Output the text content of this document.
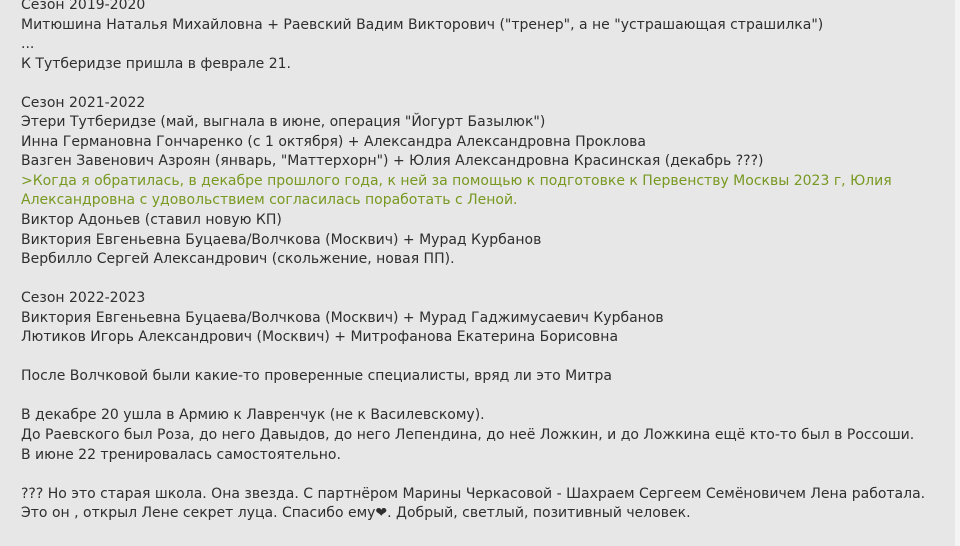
Сезон 2019-2020
Митюшина Наталья Михайловна + Раевский Вадим Викторович ("тренер", а не "устрашающая страшилка")
...
К Тутберидзе пришла в феврале 21.
Сезон 2021-2022
Этери Тутберидзе (май, выгнала в июне, операция "Йогурт Базылюк")
Инна Германовна Гончаренко (с 1 октября) + Александра Александровна Проклова
Вазген Завенович Азроян (январь, "Маттерхорн") + Юлия Александровна Красинская (декабрь ???)
>Когда я обратилась, в декабре прошлого года, к ней за помощью к подготовке к Первенству Москвы 2023 г, Юлия Александровна с удовольствием согласилась поработать с Леной.
Виктор Адоньев (ставил новую КП)
Виктория Евгеньевна Буцаева/Волчкова (Москвич) + Мурад Курбанов
Вербилло Сергей Александрович (скольжение, новая ПП).
Сезон 2022-2023
Виктория Евгеньевна Буцаева/Волчкова (Москвич) + Мурад Гаджимусаевич Курбанов
Лютиков Игорь Александрович (Москвич) + Митрофанова Екатерина Борисовна
После Волчковой были какие-то проверенные специалисты, вряд ли это Митра
В декабре 20 ушла в Армию к Лавренчук (не к Василевскому).
До Раевского был Роза, до него Давыдов, до него Лепендина, до неё Ложкин, и до Ложкина ещё кто-то был в Россоши.
В июне 22 тренировалась самостоятельно.
??? Но это старая школа. Она звезда. С партнёром Марины Черкасовой - Шахраем Сергеем Семёновичем Лена работала.
Это он , открыл Лене секрет луца. Спасибо ему❤. Добрый, светлый, позитивный человек.
